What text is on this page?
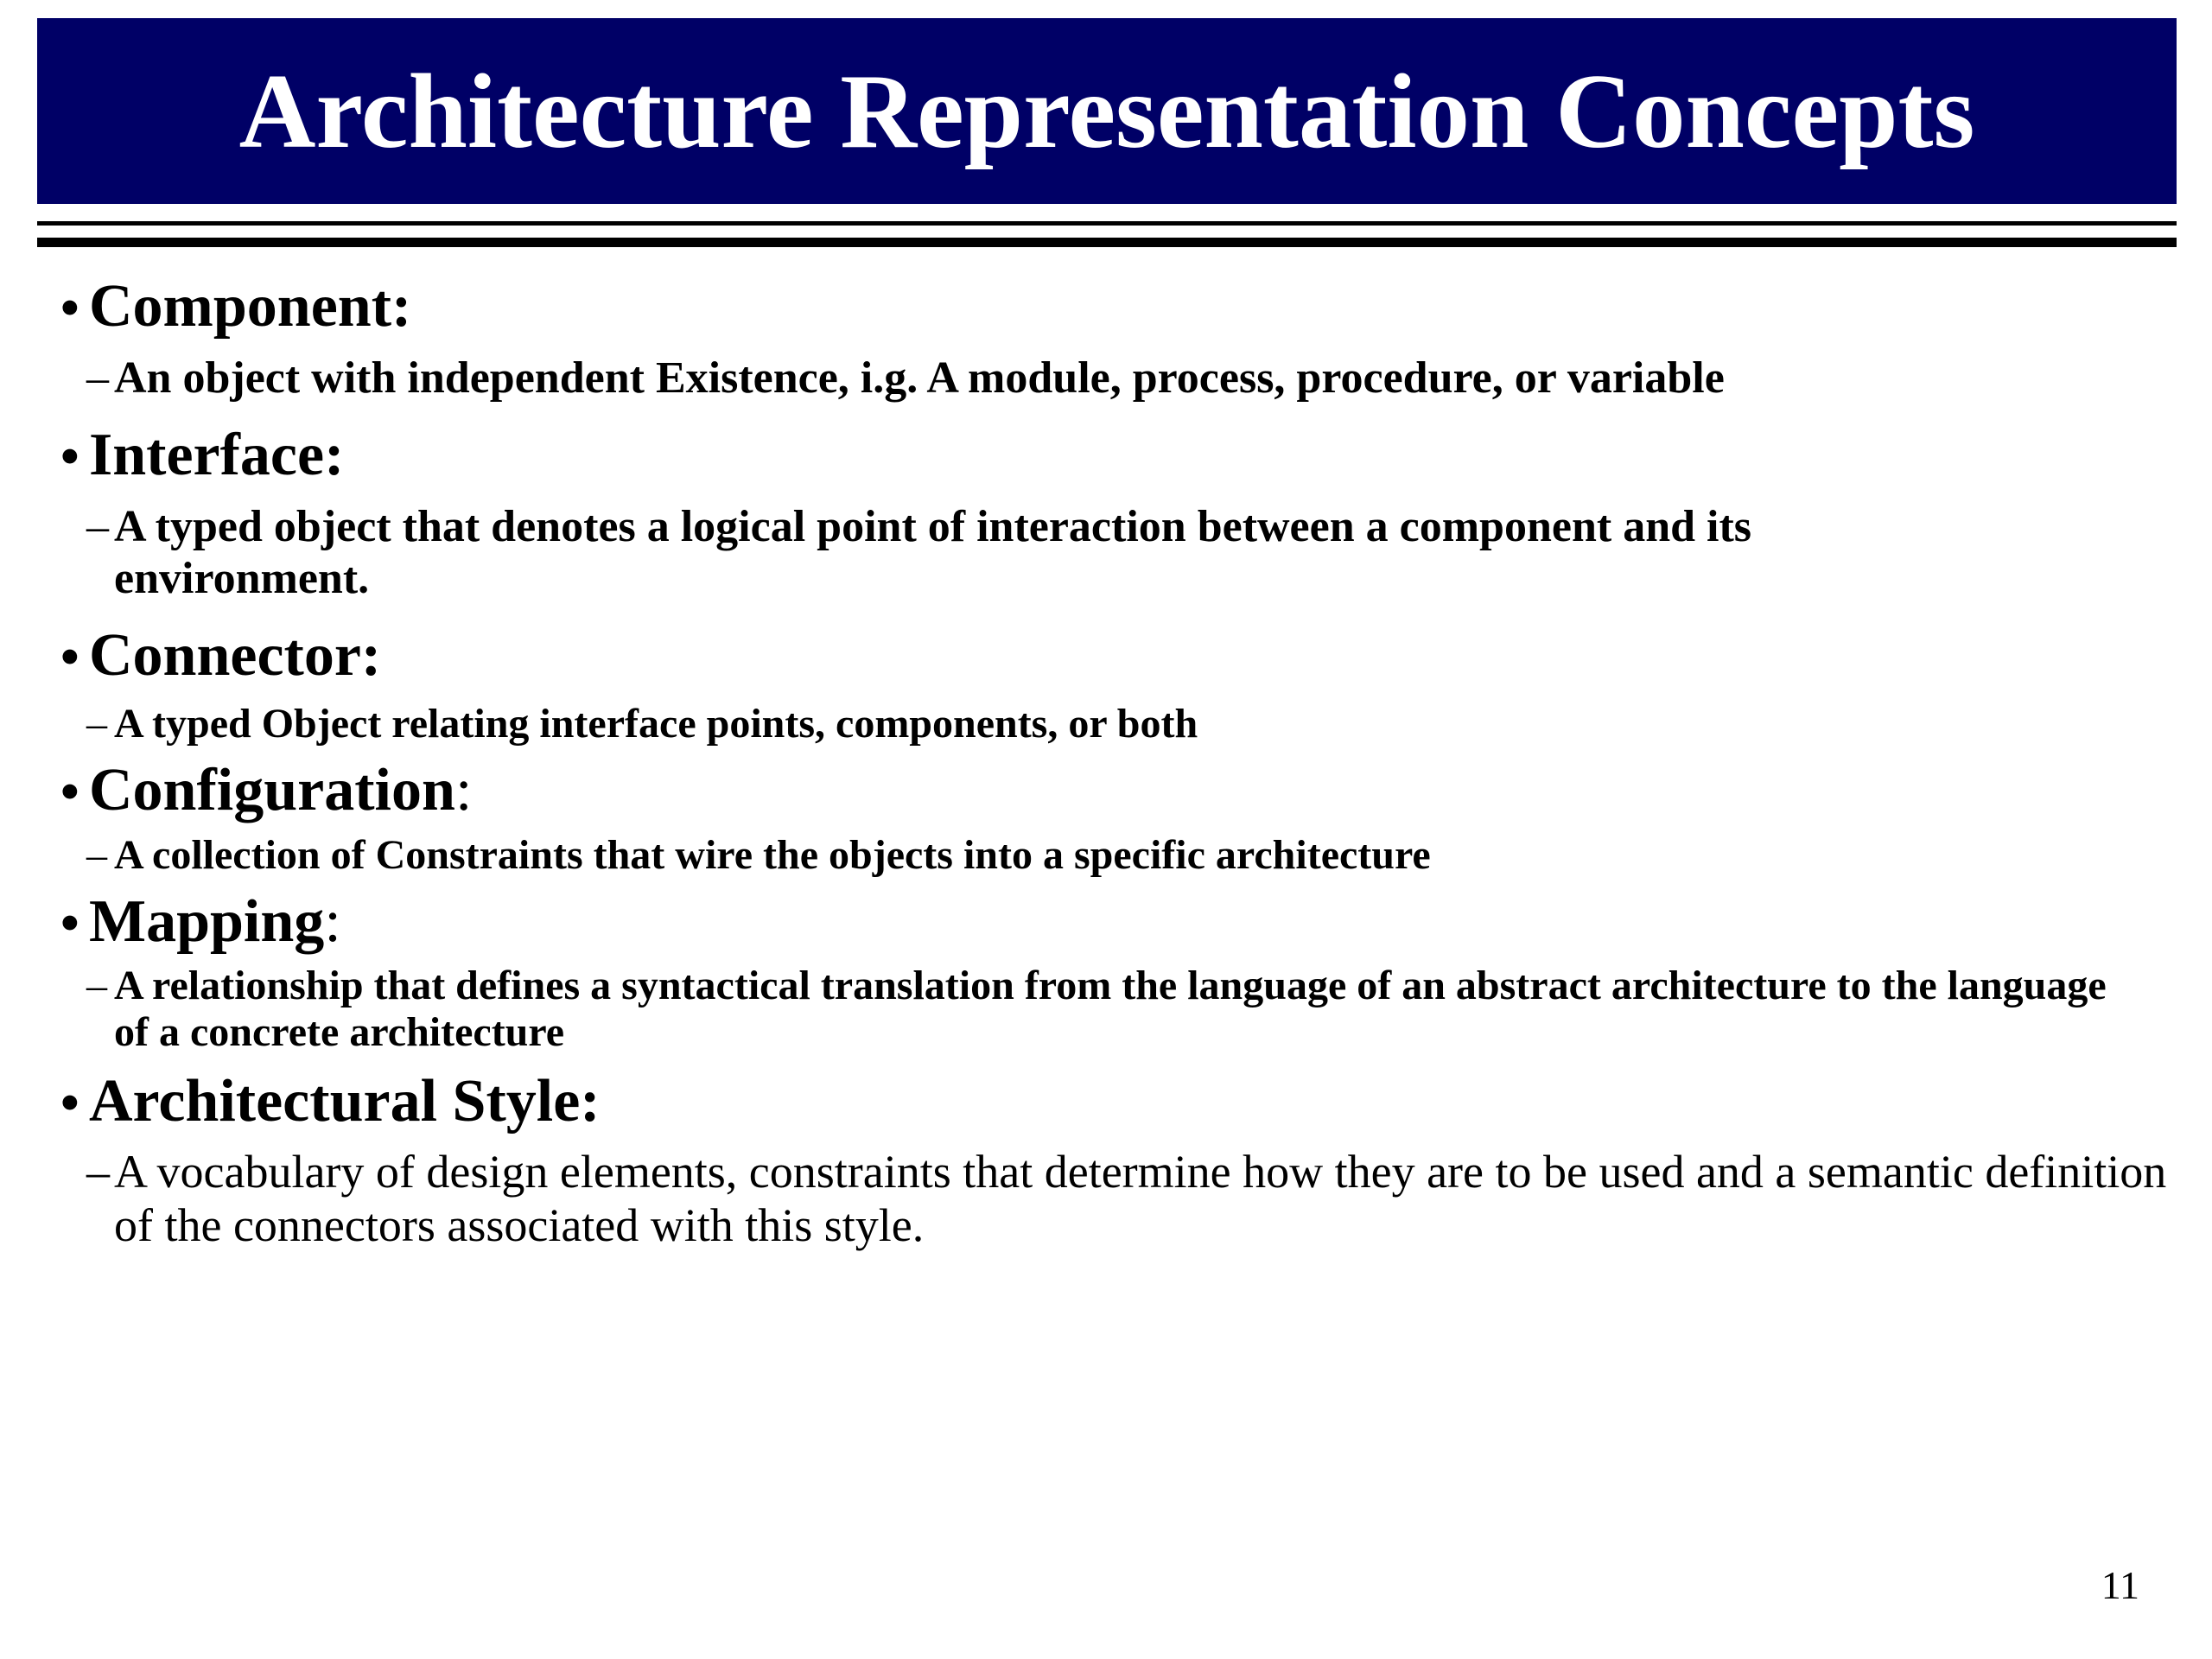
Architecture Representation Concepts
• Component:
– An object with independent Existence, i.g. A module, process, procedure, or variable
• Interface:
– A typed object that denotes a logical point of interaction between a component and its environment.
• Connector:
– A typed Object relating interface points, components, or both
• Configuration:
– A collection of Constraints that wire the objects into a specific architecture
• Mapping:
– A relationship that defines a syntactical translation from the language of an abstract architecture to the language of a concrete architecture
• Architectural Style:
– A vocabulary of design elements, constraints that determine how they are to be used and a semantic definition of the connectors associated with this style.
11
